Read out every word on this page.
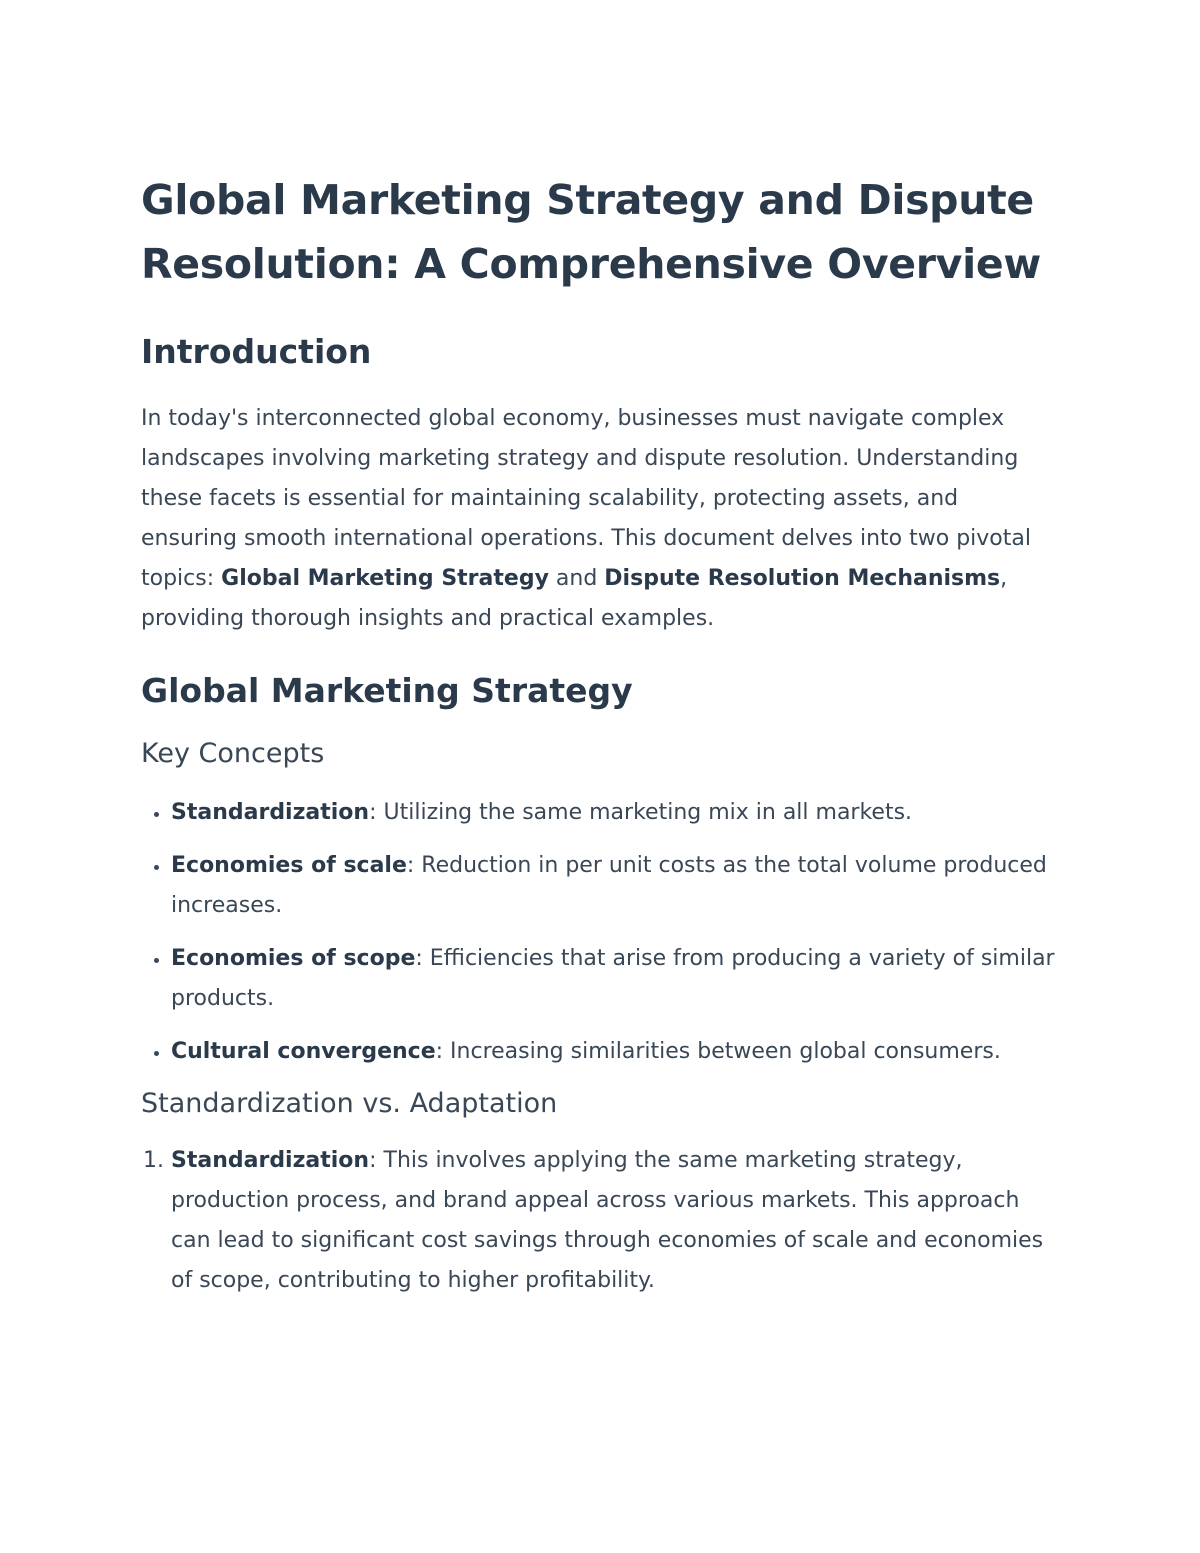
Global Marketing Strategy and Dispute Resolution: A Comprehensive Overview
Introduction

In today's interconnected global economy, businesses must navigate complex landscapes involving marketing strategy and dispute resolution. Understanding these facets is essential for maintaining scalability, protecting assets, and ensuring smooth international operations. This document delves into two pivotal topics: Global Marketing Strategy and Dispute Resolution Mechanisms, providing thorough insights and practical examples.

Global Marketing Strategy
Key Concepts
• Standardization: Utilizing the same marketing mix in all markets.
• Economies of scale: Reduction in per unit costs as the total volume produced increases.
• Economies of scope: Efficiencies that arise from producing a variety of similar products.
• Cultural convergence: Increasing similarities between global consumers.
Standardization vs. Adaptation
1. Standardization: This involves applying the same marketing strategy, production process, and brand appeal across various markets. This approach can lead to significant cost savings through economies of scale and economies of scope, contributing to higher profitability.
